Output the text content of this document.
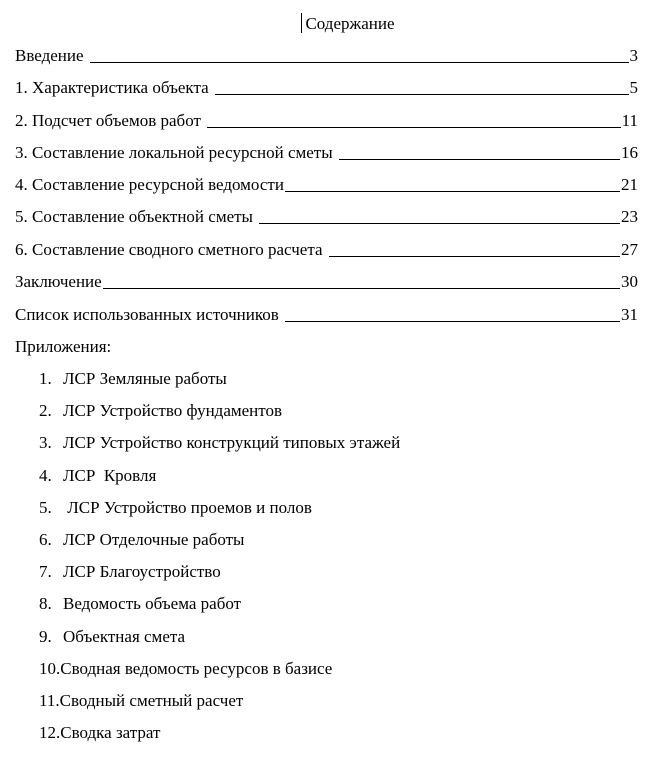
Содержание
Введение	3
1. Характеристика объекта	5
2. Подсчет объемов работ	11
3. Составление локальной ресурсной сметы	16
4. Составление ресурсной ведомости	21
5. Составление объектной сметы	23
6. Составление сводного сметного расчета	27
Заключение	30
Список использованных источников	31
Приложения:
1. ЛСР Земляные работы
2. ЛСР Устройство фундаментов
3. ЛСР Устройство конструкций типовых этажей
4. ЛСР  Кровля
5. ЛСР Устройство проемов и полов
6. ЛСР Отделочные работы
7. ЛСР Благоустройство
8. Ведомость объема работ
9. Объектная смета
10.Сводная ведомость ресурсов в базисе
11.Сводный сметный расчет
12.Сводка затрат
